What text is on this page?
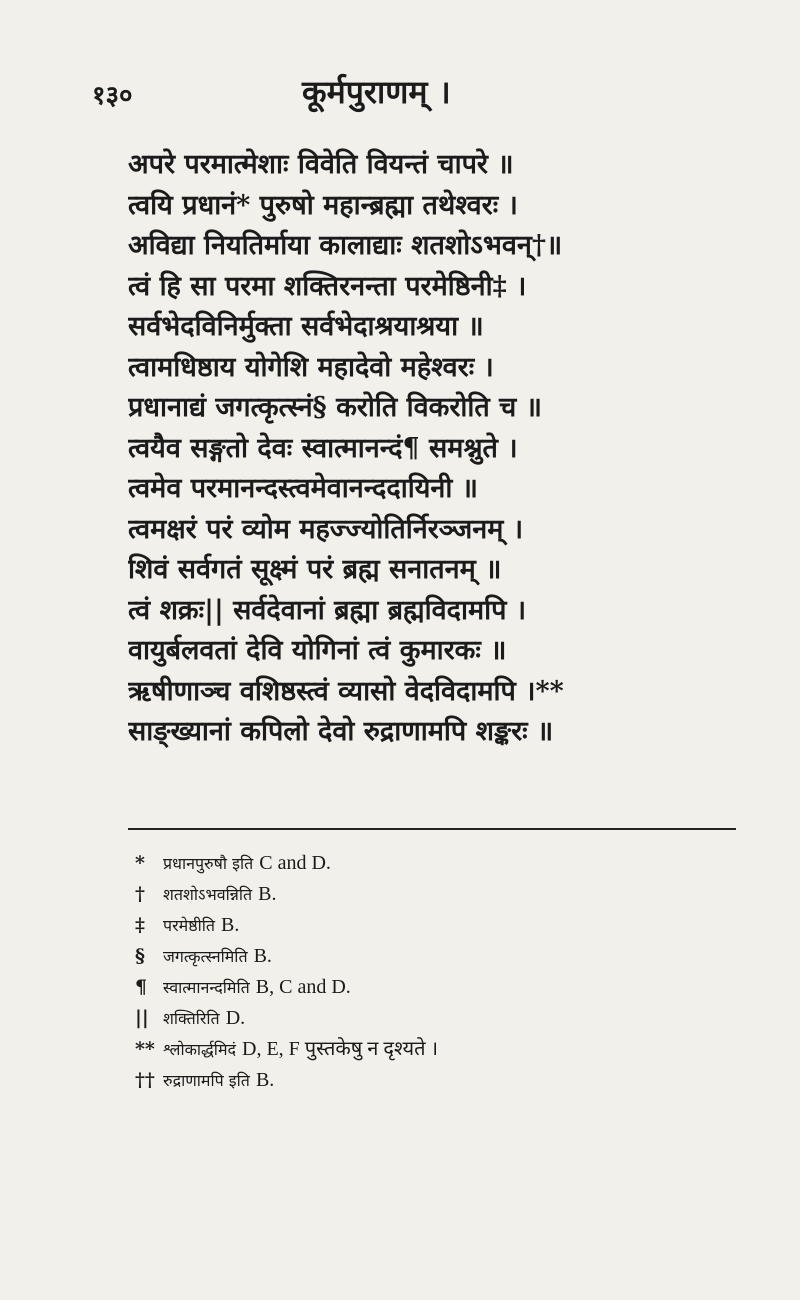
१३०	कूर्मपुराणम् ।
अपरे परमात्मेशाः विवेति वियन्तं चापरे ॥
त्वयि प्रधानं* पुरुषो महान्ब्रह्मा तथेश्वरः ।
अविद्या नियतिर्माया कालाद्याः शतशोऽभवन्†॥
त्वं हि सा परमा शक्तिरनन्ता परमेष्ठिनी‡ ।
सर्वभेदविनिर्मुक्ता सर्वभेदाश्रयाश्रया ॥
त्वामधिष्ठाय योगेशि महादेवो महेश्वरः ।
प्रधानाद्यं जगत्कृत्स्नं§ करोति विकरोति च ॥
त्वयैव सङ्गतो देवः स्वात्मानन्दं¶ समश्नुते ।
त्वमेव परमानन्दस्त्वमेवानन्ददायिनी ॥
त्वमक्षरं परं व्योम महज्ज्योतिर्निरञ्जनम् ।
शिवं सर्वगतं सूक्ष्मं परं ब्रह्म सनातनम् ॥
त्वं शक्रः|| सर्वदेवानां ब्रह्मा ब्रह्मविदामपि ।
वायुर्बलवतां देवि योगिनां त्वं कुमारकः ॥
ऋषीणाञ्च वशिष्ठस्त्वं व्यासो वेदविदामपि ।**
साङ्ख्यानां कपिलो देवो रुद्राणामपि शङ्करः ॥
*	प्रधानपुरुषौ इति C and D.
†	शतशोऽभवन्निति B.
‡	परमेष्ठीति B.
§	जगत्कृत्स्नमिति B.
¶ स्वात्मानन्दमिति B, C and D.
|| शक्तिरिति D.
** श्लोकार्द्धमिदं D, E, F पुस्तकेषु न दृश्यते ।
†† रुद्राणामपि इति B.
